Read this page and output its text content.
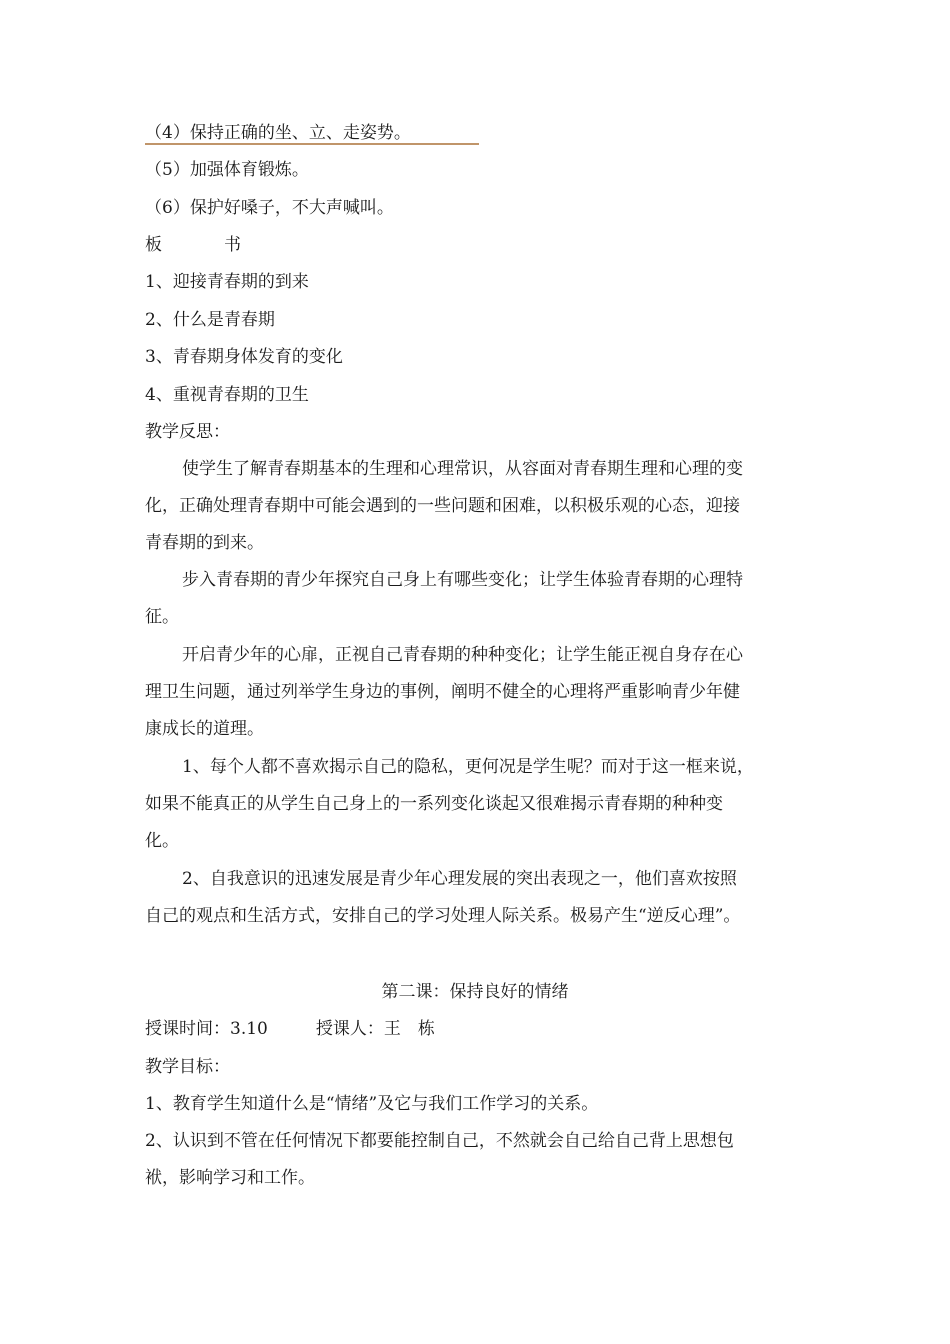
（4）保持正确的坐、立、走姿势。

（5）加强体育锻炼。

（6）保护好嗓子，不大声喊叫。

板	书

1、迎接青春期的到来

2、什么是青春期

3、青春期身体发育的变化

4、重视青春期的卫生

教学反思：

使学生了解青春期基本的生理和心理常识，从容面对青春期生理和心理的变

化，正确处理青春期中可能会遇到的一些问题和困难，以积极乐观的心态，迎接

青春期的到来。

步入青春期的青少年探究自己身上有哪些变化；让学生体验青春期的心理特

征。

开启青少年的心扉，正视自己青春期的种种变化；让学生能正视自身存在心

理卫生问题，通过列举学生身边的事例，阐明不健全的心理将严重影响青少年健

康成长的道理。

1、每个人都不喜欢揭示自己的隐私，更何况是学生呢？而对于这一框来说，

如果不能真正的从学生自己身上的一系列变化谈起又很难揭示青春期的种种变

化。

2、自我意识的迅速发展是青少年心理发展的突出表现之一，他们喜欢按照

自己的观点和生活方式，安排自己的学习处理人际关系。极易产生“逆反心理”。

第二课：保持良好的情绪

授课时间：3.10	授课人：王　栋

教学目标：

1、教育学生知道什么是“情绪”及它与我们工作学习的关系。

2、认识到不管在任何情况下都要能控制自己，不然就会自己给自己背上思想包

袱，影响学习和工作。
